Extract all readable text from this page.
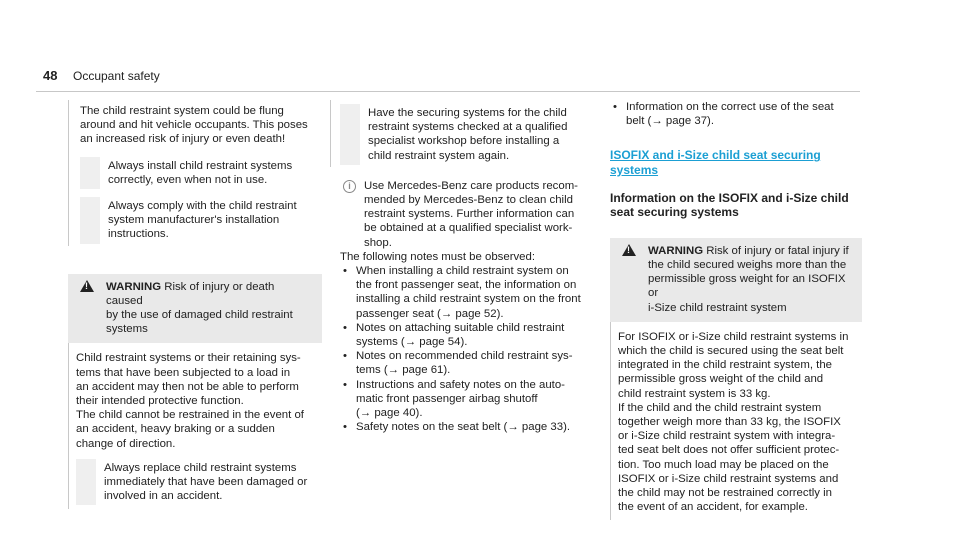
48 Occupant safety

The child restraint system could be flung
around and hit vehicle occupants. This poses
an increased risk of injury or even death!

Always install child restraint systems
correctly, even when not in use.

Always comply with the child restraint
system manufacturer's installation
instructions.

!

WARNING Risk of injury or death caused
by the use of damaged child restraint
systems

Child restraint systems or their retaining sys-
tems that have been subjected to a load in
an accident may then not be able to perform
their intended protective function.

The child cannot be restrained in the event of
an accident, heavy braking or a sudden
change of direction.

Always replace child restraint systems
immediately that have been damaged or
involved in an accident.

Have the securing systems for the child
restraint systems checked at a qualified
specialist workshop before installing a
child restraint system again.

i	Use Mercedes-Benz care products recom-
mended by Mercedes-Benz to clean child
restraint systems. Further information can
be obtained at a qualified specialist work-
shop.

The following notes must be observed:

• When installing a child restraint system on
the front passenger seat, the information on
installing a child restraint system on the front
passenger seat (→ page 52).
• Notes on attaching suitable child restraint
systems (→ page 54).
• Notes on recommended child restraint sys-
tems (→ page 61).
• Instructions and safety notes on the auto-
matic front passenger airbag shutoff
(→ page 40).
• Safety notes on the seat belt (→ page 33).
• Information on the correct use of the seat
belt (→ page 37).

ISOFIX and i-Size child seat securing systems

Information on the ISOFIX and i-Size child
seat securing systems

!

WARNING Risk of injury or fatal injury if
the child secured weighs more than the
permissible gross weight for an ISOFIX or
i-Size child restraint system

For ISOFIX or i-Size child restraint systems in
which the child is secured using the seat belt
integrated in the child restraint system, the
permissible gross weight of the child and
child restraint system is 33 kg.

If the child and the child restraint system
together weigh more than 33 kg, the ISOFIX
or i-Size child restraint system with integra-
ted seat belt does not offer sufficient protec-
tion. Too much load may be placed on the
ISOFIX or i-Size child restraint systems and
the child may not be restrained correctly in
the event of an accident, for example.
